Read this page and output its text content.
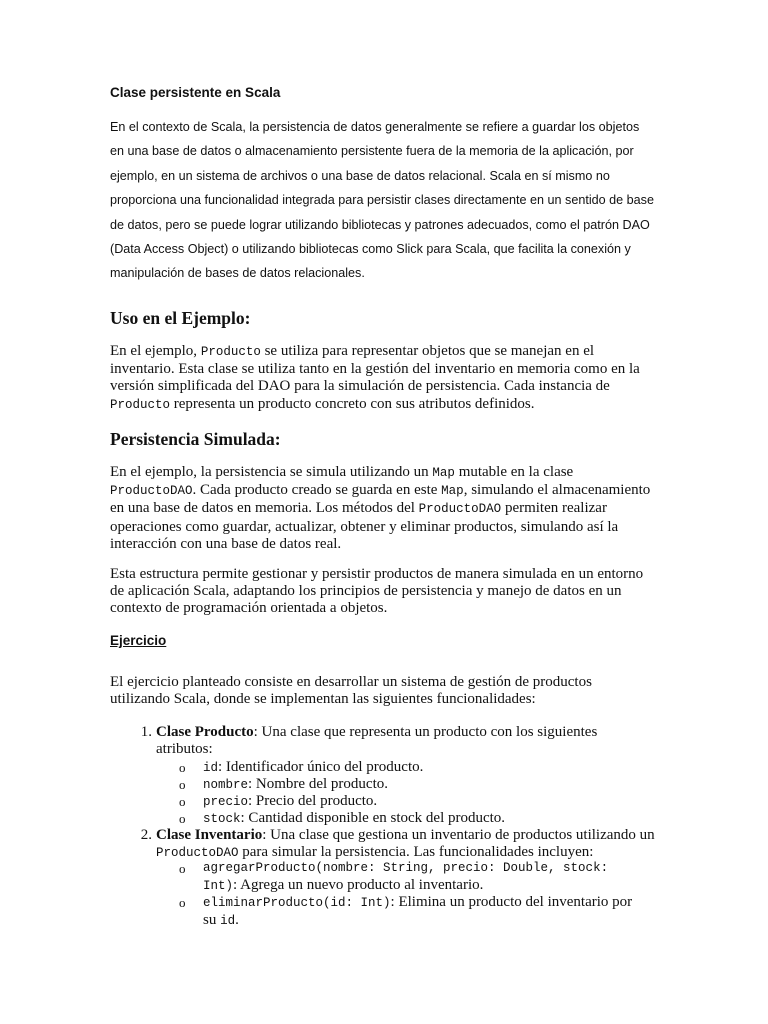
Clase persistente en Scala
En el contexto de Scala, la persistencia de datos generalmente se refiere a guardar los objetos en una base de datos o almacenamiento persistente fuera de la memoria de la aplicación, por ejemplo, en un sistema de archivos o una base de datos relacional. Scala en sí mismo no proporciona una funcionalidad integrada para persistir clases directamente en un sentido de base de datos, pero se puede lograr utilizando bibliotecas y patrones adecuados, como el patrón DAO (Data Access Object) o utilizando bibliotecas como Slick para Scala, que facilita la conexión y manipulación de bases de datos relacionales.
Uso en el Ejemplo:
En el ejemplo, Producto se utiliza para representar objetos que se manejan en el inventario. Esta clase se utiliza tanto en la gestión del inventario en memoria como en la versión simplificada del DAO para la simulación de persistencia. Cada instancia de Producto representa un producto concreto con sus atributos definidos.
Persistencia Simulada:
En el ejemplo, la persistencia se simula utilizando un Map mutable en la clase ProductoDAO. Cada producto creado se guarda en este Map, simulando el almacenamiento en una base de datos en memoria. Los métodos del ProductoDAO permiten realizar operaciones como guardar, actualizar, obtener y eliminar productos, simulando así la interacción con una base de datos real.
Esta estructura permite gestionar y persistir productos de manera simulada en un entorno de aplicación Scala, adaptando los principios de persistencia y manejo de datos en un contexto de programación orientada a objetos.
Ejercicio
El ejercicio planteado consiste en desarrollar un sistema de gestión de productos utilizando Scala, donde se implementan las siguientes funcionalidades:
1. Clase Producto: Una clase que representa un producto con los siguientes atributos:
o id: Identificador único del producto.
o nombre: Nombre del producto.
o precio: Precio del producto.
o stock: Cantidad disponible en stock del producto.
2. Clase Inventario: Una clase que gestiona un inventario de productos utilizando un ProductoDAO para simular la persistencia. Las funcionalidades incluyen:
o agregarProducto(nombre: String, precio: Double, stock:
Int): Agrega un nuevo producto al inventario.
o eliminarProducto(id: Int): Elimina un producto del inventario por
su id.
